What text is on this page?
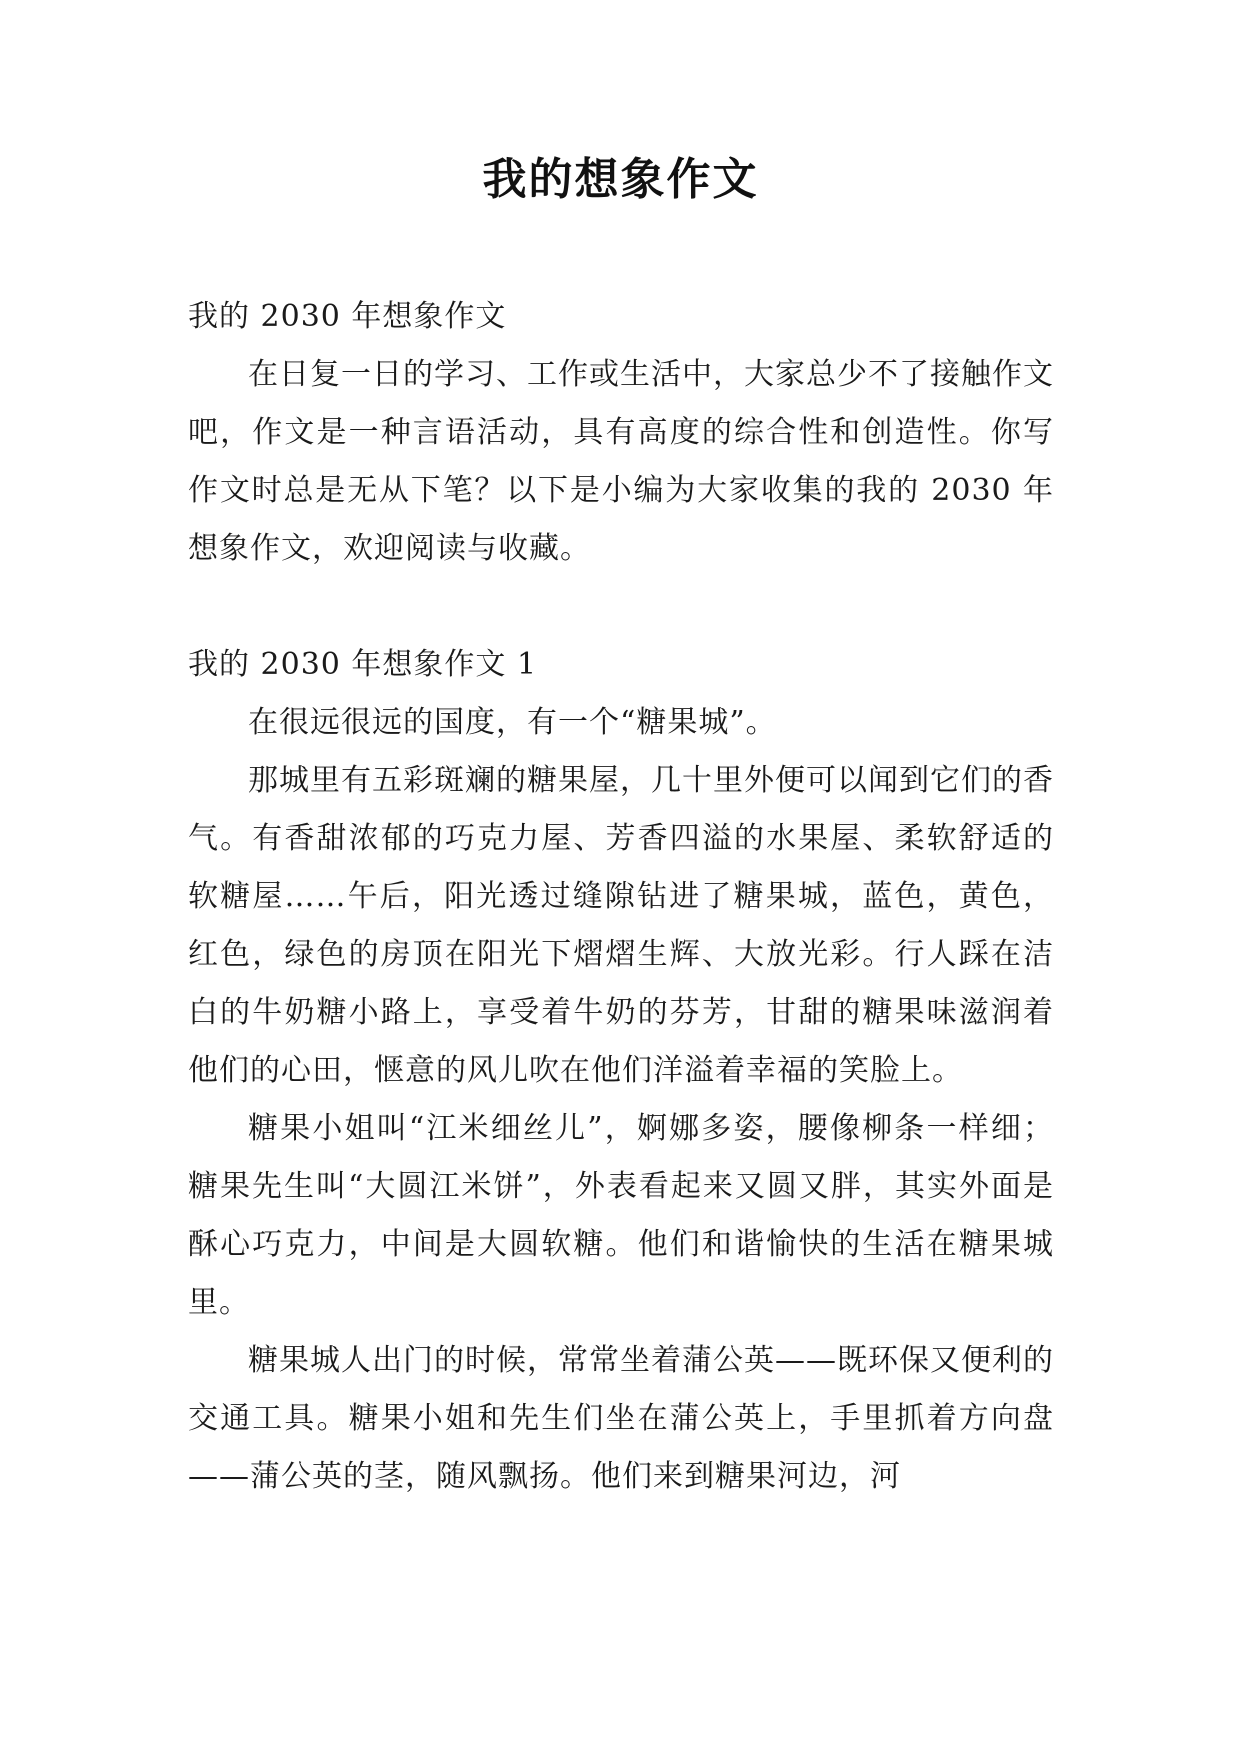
我的想象作文

我的 2030 年想象作文

在日复一日的学习、工作或生活中，大家总少不了接触作文吧，作文是一种言语活动，具有高度的综合性和创造性。你写作文时总是无从下笔？以下是小编为大家收集的我的 2030 年想象作文，欢迎阅读与收藏。

我的 2030 年想象作文 1

在很远很远的国度，有一个“糖果城”。

那城里有五彩斑斓的糖果屋，几十里外便可以闻到它们的香气。有香甜浓郁的巧克力屋、芳香四溢的水果屋、柔软舒适的软糖屋……午后，阳光透过缝隙钻进了糖果城，蓝色，黄色，红色，绿色的房顶在阳光下熠熠生辉、大放光彩。行人踩在洁白的牛奶糖小路上，享受着牛奶的芬芳，甘甜的糖果味滋润着他们的心田，惬意的风儿吹在他们洋溢着幸福的笑脸上。

糖果小姐叫“江米细丝儿”，婀娜多姿，腰像柳条一样细；糖果先生叫“大圆江米饼”，外表看起来又圆又胖，其实外面是酥心巧克力，中间是大圆软糖。他们和谐愉快的生活在糖果城里。

糖果城人出门的时候，常常坐着蒲公英——既环保又便利的交通工具。糖果小姐和先生们坐在蒲公英上，手里抓着方向盘——蒲公英的茎，随风飘扬。他们来到糖果河边，河
